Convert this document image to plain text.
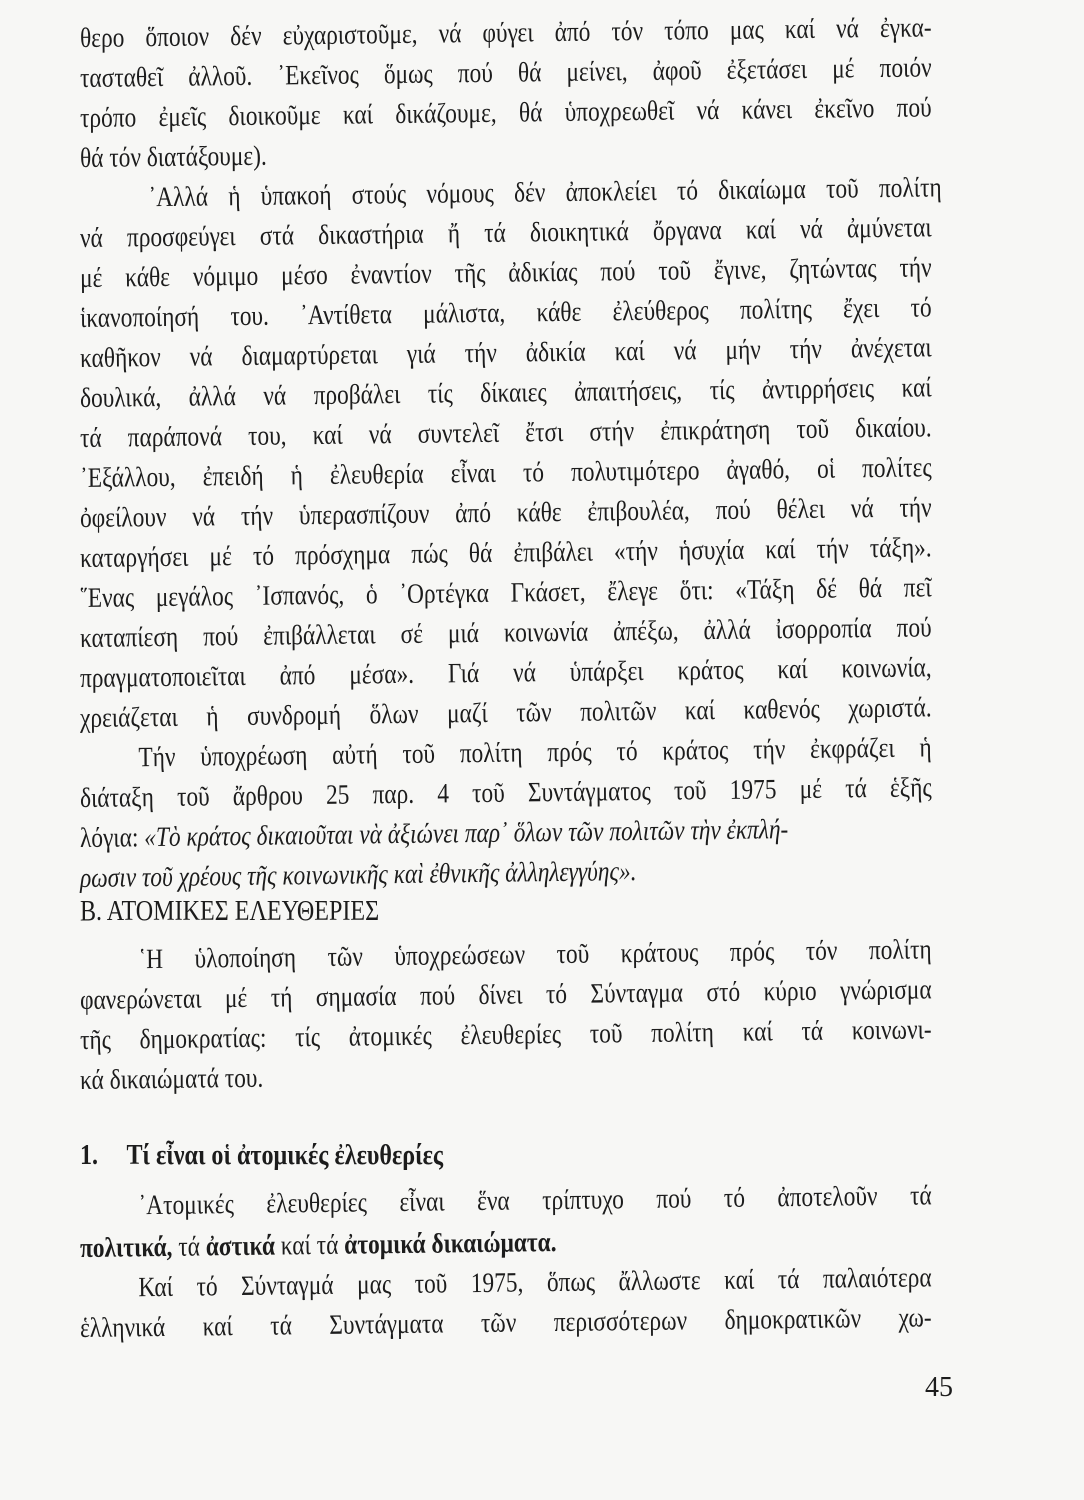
θερο ὅποιον δέν εὐχαριστοῦμε, νά φύγει ἀπό τόν τόπο μας καί νά ἐγκα-
τασταθεῖ ἀλλοῦ. ᾿Εκεῖνος ὅμως πού θά μείνει, ἀφοῦ ἐξετάσει μέ ποιόν
τρόπο ἐμεῖς διοικοῦμε καί δικάζουμε, θά ὑποχρεωθεῖ νά κάνει ἐκεῖνο πού
θά τόν διατάξουμε).
᾿Αλλά ἡ ὑπακοή στούς νόμους δέν ἀποκλείει τό δικαίωμα τοῦ πολίτη
νά προσφεύγει στά δικαστήρια ἤ τά διοικητικά ὄργανα καί νά ἀμύνεται
μέ κάθε νόμιμο μέσο ἐναντίον τῆς ἀδικίας πού τοῦ ἔγινε, ζητώντας τήν
ἱκανοποίησή του. ᾿Αντίθετα μάλιστα, κάθε ἐλεύθερος πολίτης ἔχει τό
καθῆκον νά διαμαρτύρεται γιά τήν ἀδικία καί νά μήν τήν ἀνέχεται
δουλικά, ἀλλά νά προβάλει τίς δίκαιες ἀπαιτήσεις, τίς ἀντιρρήσεις καί
τά παράπονά του, καί νά συντελεῖ ἔτσι στήν ἐπικράτηση τοῦ δικαίου.
᾿Εξάλλου, ἐπειδή ἡ ἐλευθερία εἶναι τό πολυτιμότερο ἀγαθό, οἱ πολίτες
ὀφείλουν νά τήν ὑπερασπίζουν ἀπό κάθε ἐπιβουλέα, πού θέλει νά τήν
καταργήσει μέ τό πρόσχημα πώς θά ἐπιβάλει «τήν ἡσυχία καί τήν τάξη».
῞Ενας μεγάλος ᾿Ισπανός, ὁ ᾿Ορτέγκα Γκάσετ, ἔλεγε ὅτι: «Τάξη δέ θά πεῖ
καταπίεση πού ἐπιβάλλεται σέ μιά κοινωνία ἀπέξω, ἀλλά ἰσορροπία πού
πραγματοποιεῖται ἀπό μέσα». Γιά νά ὑπάρξει κράτος καί κοινωνία,
χρειάζεται ἡ συνδρομή ὅλων μαζί τῶν πολιτῶν καί καθενός χωριστά.
Τήν ὑποχρέωση αὐτή τοῦ πολίτη πρός τό κράτος τήν ἐκφράζει ἡ
διάταξη τοῦ ἄρθρου 25 παρ. 4 τοῦ Συντάγματος τοῦ 1975 μέ τά ἑξῆς
λόγια: «Τὸ κράτος δικαιοῦται νὰ ἀξιώνει παρ᾿ ὅλων τῶν πολιτῶν τὴν ἐκπλή-
ρωσιν τοῦ χρέους τῆς κοινωνικῆς καὶ ἐθνικῆς ἀλληλεγγύης».
Β. ΑΤΟΜΙΚΕΣ ΕΛΕΥΘΕΡΙΕΣ
῾Η ὑλοποίηση τῶν ὑποχρεώσεων τοῦ κράτους πρός τόν πολίτη
φανερώνεται μέ τή σημασία πού δίνει τό Σύνταγμα στό κύριο γνώρισμα
τῆς δημοκρατίας: τίς ἀτομικές ἐλευθερίες τοῦ πολίτη καί τά κοινωνι-
κά δικαιώματά του.
1. Τί εἶναι οἱ ἀτομικές ἐλευθερίες
᾿Ατομικές ἐλευθερίες εἶναι ἕνα τρίπτυχο πού τό ἀποτελοῦν τά
πολιτικά, τά ἀστικά καί τά ἀτομικά δικαιώματα.
Καί τό Σύνταγμά μας τοῦ 1975, ὅπως ἄλλωστε καί τά παλαιότερα
ἑλληνικά καί τά Συντάγματα τῶν περισσότερων δημοκρατικῶν χω-
45
